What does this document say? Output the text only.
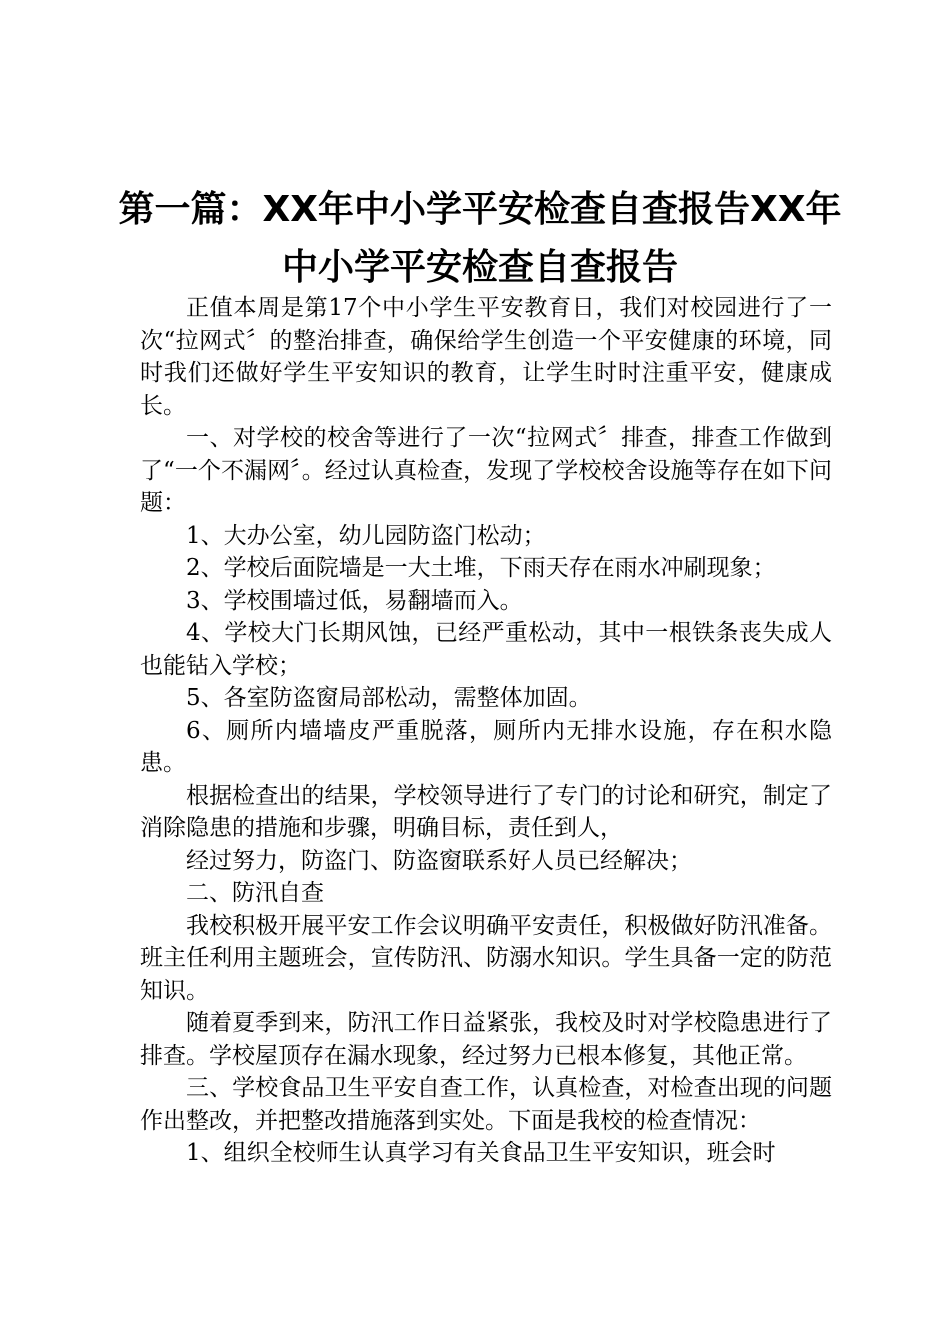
第一篇：XX年中小学平安检查自查报告XX年
中小学平安检查自查报告

正值本周是第17个中小学生平安教育日，我们对校园进行了一次“拉网式〞的整治排查，确保给学生创造一个平安健康的环境，同时我们还做好学生平安知识的教育，让学生时时注重平安，健康成长。

一、对学校的校舍等进行了一次“拉网式〞排查，排查工作做到了“一个不漏网〞。经过认真检查，发现了学校校舍设施等存在如下问题：

1、大办公室，幼儿园防盗门松动；

2、学校后面院墙是一大土堆，下雨天存在雨水冲刷现象；

3、学校围墙过低，易翻墙而入。

4、学校大门长期风蚀，已经严重松动，其中一根铁条丧失成人也能钻入学校；

5、各室防盗窗局部松动，需整体加固。

6、厕所内墙墙皮严重脱落，厕所内无排水设施，存在积水隐患。

根据检查出的结果，学校领导进行了专门的讨论和研究，制定了消除隐患的措施和步骤，明确目标，责任到人，

经过努力，防盗门、防盗窗联系好人员已经解决；

二、防汛自查

我校积极开展平安工作会议明确平安责任，积极做好防汛准备。班主任利用主题班会，宣传防汛、防溺水知识。学生具备一定的防范知识。

随着夏季到来，防汛工作日益紧张，我校及时对学校隐患进行了排查。学校屋顶存在漏水现象，经过努力已根本修复，其他正常。

三、学校食品卫生平安自查工作，认真检查，对检查出现的问题作出整改，并把整改措施落到实处。下面是我校的检查情况：

1、组织全校师生认真学习有关食品卫生平安知识，班会时
